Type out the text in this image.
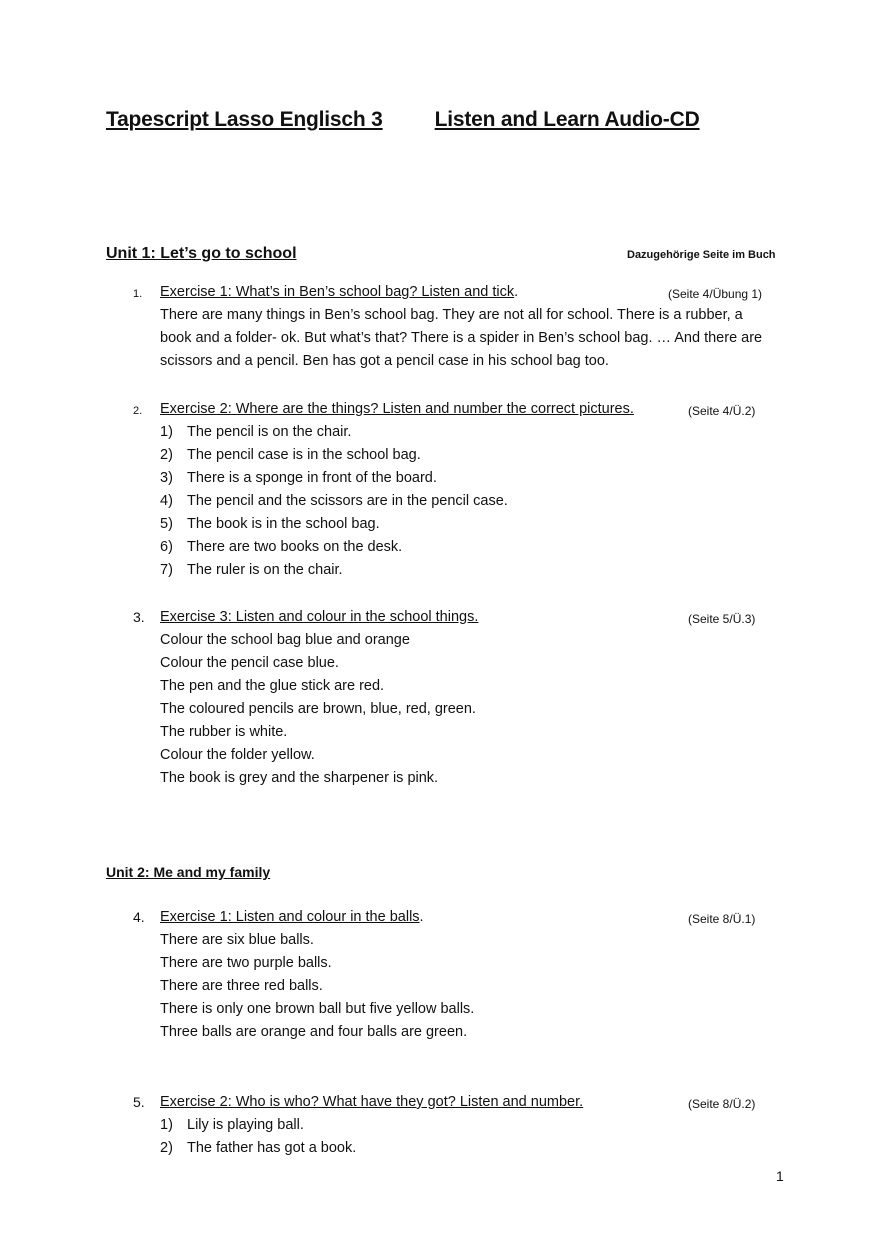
Tapescript Lasso Englisch 3 Listen and Learn Audio-CD
Unit 1: Let’s go to school	Dazugehörige Seite im Buch
1. Exercise 1: What’s in Ben’s school bag? Listen and tick.	(Seite 4/Übung 1)
There are many things in Ben’s school bag. They are not all for school. There is a rubber, a
book and a folder- ok. But what’s that? There is a spider in Ben’s school bag. … And there are
scissors and a pencil. Ben has got a pencil case in his school bag too.
2. Exercise 2: Where are the things? Listen and number the correct pictures.	(Seite 4/Ü.2)
1) The pencil is on the chair.
2) The pencil case is in the school bag.
3) There is a sponge in front of the board.
4) The pencil and the scissors are in the pencil case.
5) The book is in the school bag.
6) There are two books on the desk.
7) The ruler is on the chair.
3. Exercise 3: Listen and colour in the school things.	(Seite 5/Ü.3)
Colour the school bag blue and orange
Colour the pencil case blue.
The pen and the glue stick are red.
The coloured pencils are brown, blue, red, green.
The rubber is white.
Colour the folder yellow.
The book is grey and the sharpener is pink.
Unit 2: Me and my family
4. Exercise 1: Listen and colour in the balls.	(Seite 8/Ü.1)
There are six blue balls.
There are two purple balls.
There are three red balls.
There is only one brown ball but five yellow balls.
Three balls are orange and four balls are green.
5. Exercise 2: Who is who? What have they got? Listen and number.	(Seite 8/Ü.2)
1) Lily is playing ball.
2) The father has got a book.
1
